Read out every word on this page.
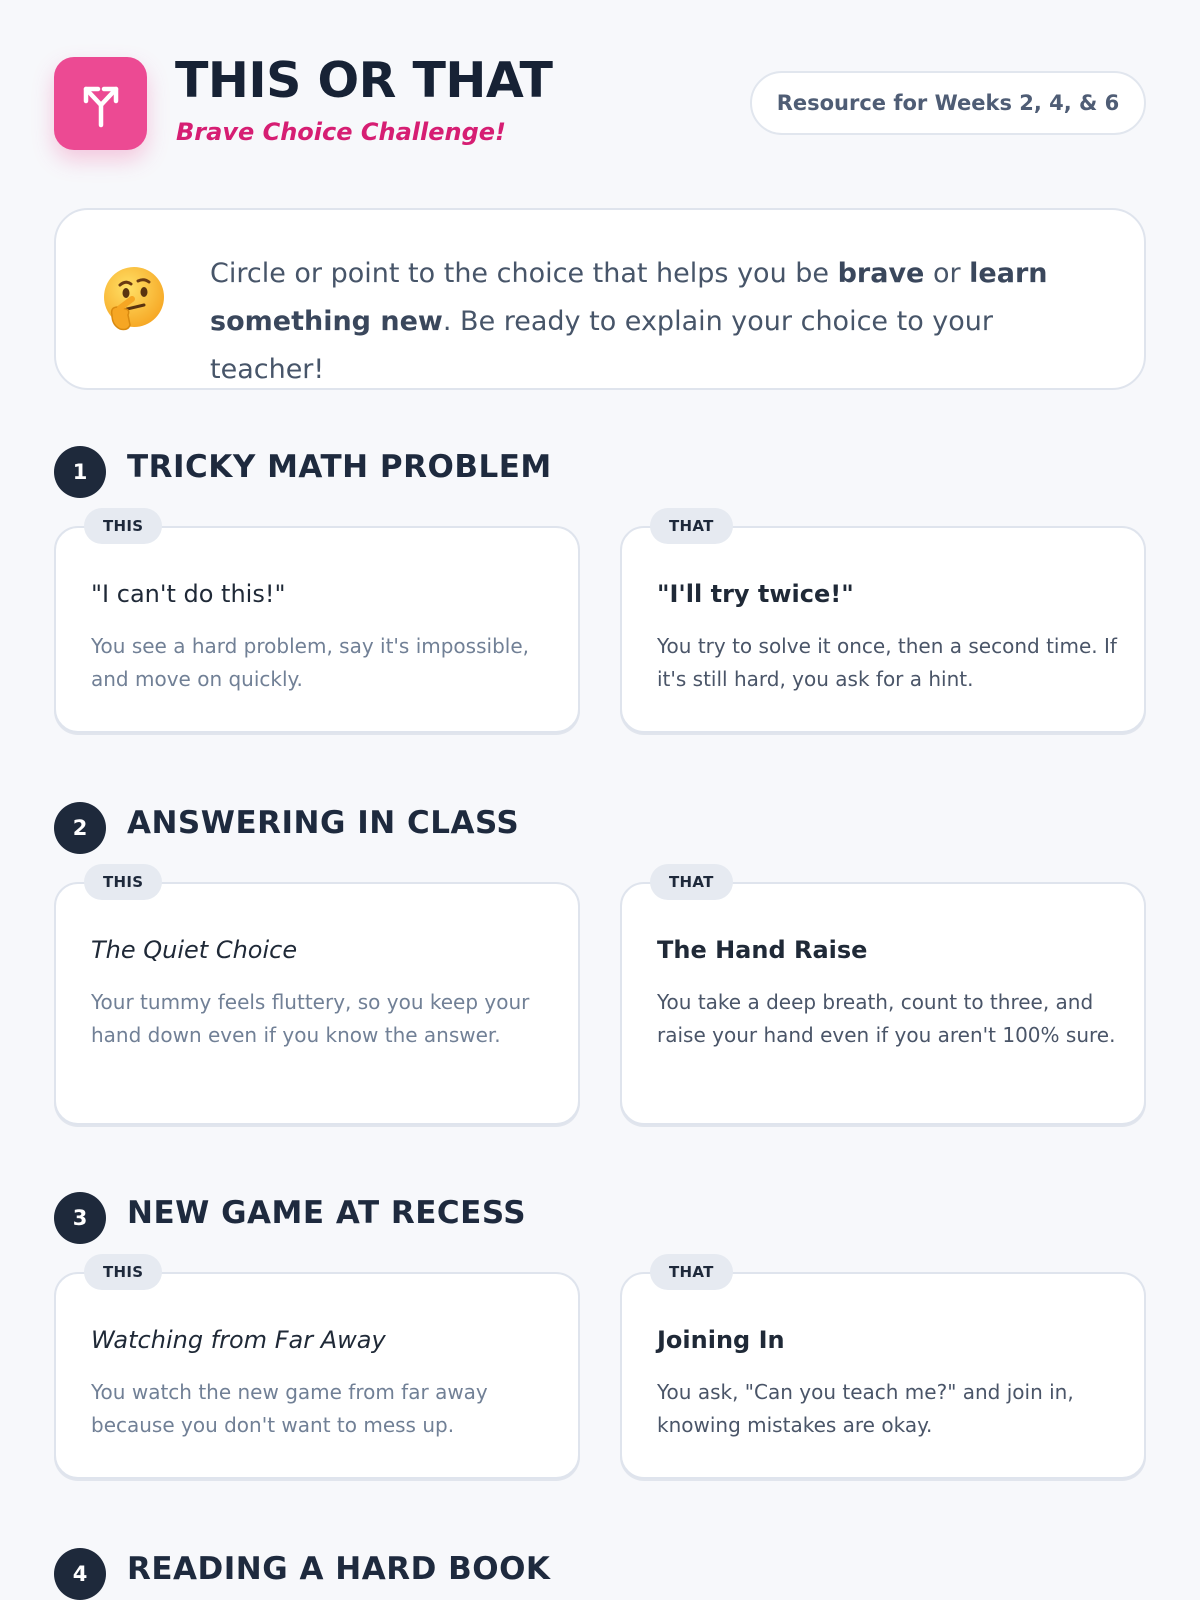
THIS OR THAT
Brave Choice Challenge!
Resource for Weeks 2, 4, & 6
Circle or point to the choice that helps you be brave or learn something new. Be ready to explain your choice to your teacher!
1	TRICKY MATH PROBLEM
THIS
"I can't do this!"
You see a hard problem, say it's impossible, and move on quickly.
THAT
"I'll try twice!"
You try to solve it once, then a second time. If it's still hard, you ask for a hint.
2	ANSWERING IN CLASS
THIS
The Quiet Choice
Your tummy feels fluttery, so you keep your hand down even if you know the answer.
THAT
The Hand Raise
You take a deep breath, count to three, and raise your hand even if you aren't 100% sure.
3	NEW GAME AT RECESS
THIS
Watching from Far Away
You watch the new game from far away because you don't want to mess up.
THAT
Joining In
You ask, "Can you teach me?" and join in, knowing mistakes are okay.
4	READING A HARD BOOK
